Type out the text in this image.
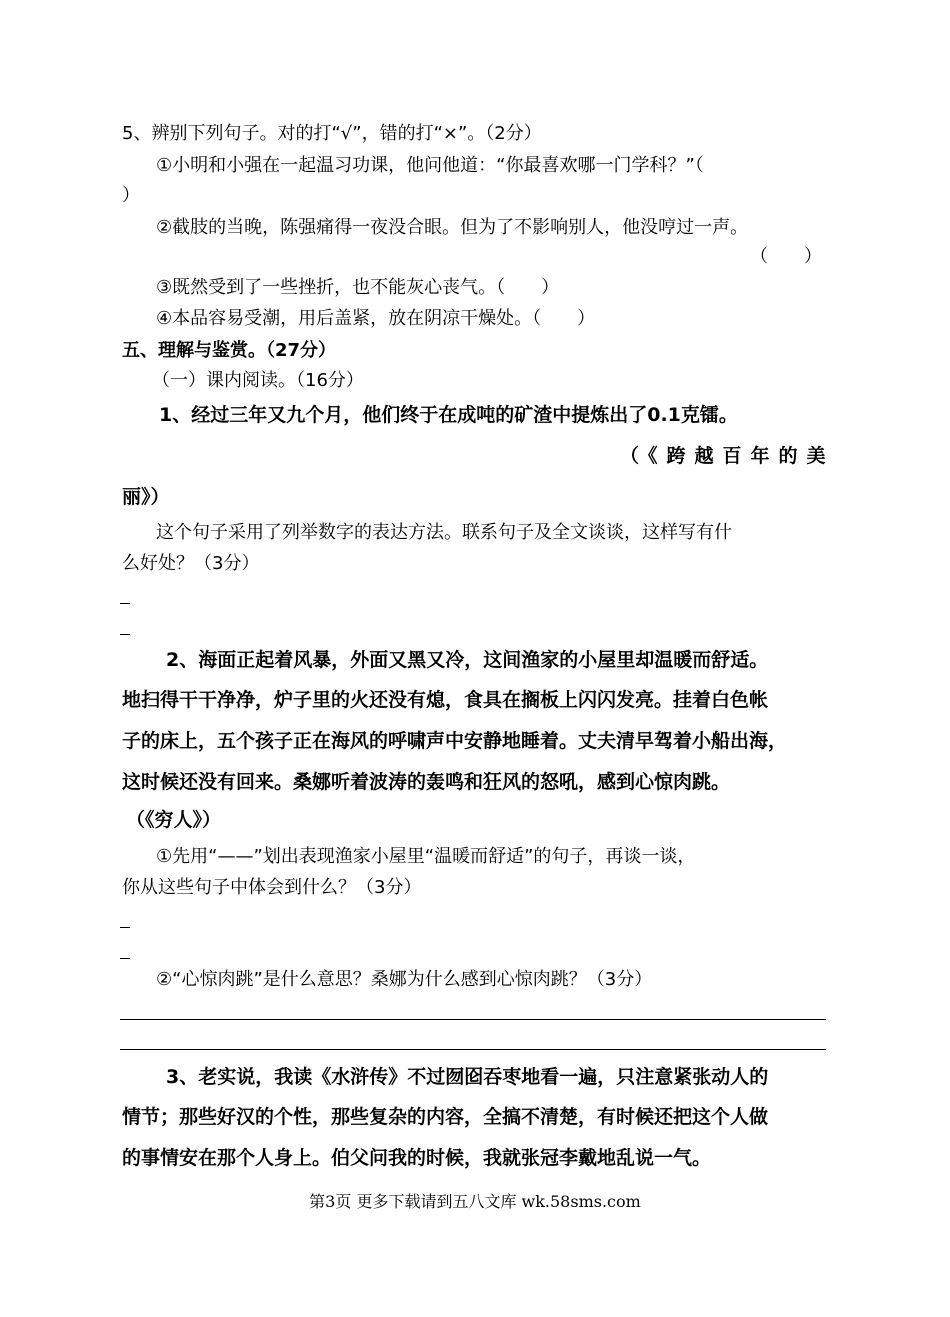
5、辨别下列句子。对的打“√”，错的打“×”。（2分）
①小明和小强在一起温习功课，他问他道：“你最喜欢哪一门学科？”（
）
②截肢的当晚，陈强痛得一夜没合眼。但为了不影响别人，他没哼过一声。
（　　）
③既然受到了一些挫折，也不能灰心丧气。（　　）
④本品容易受潮，用后盖紧，放在阴凉干燥处。（　　）
五、理解与鉴赏。（27分）
（一）课内阅读。（16分）
1、经过三年又九个月，他们终于在成吨的矿渣中提炼出了0.1克镭。
（《跨越百年的美
丽》）
这个句子采用了列举数字的表达方法。联系句子及全文谈谈，这样写有什
么好处？（3分）
2、海面正起着风暴，外面又黑又冷，这间渔家的小屋里却温暖而舒适。
地扫得干干净净，炉子里的火还没有熄，食具在搁板上闪闪发亮。挂着白色帐
子的床上，五个孩子正在海风的呼啸声中安静地睡着。丈夫清早驾着小船出海，
这时候还没有回来。桑娜听着波涛的轰鸣和狂风的怒吼，感到心惊肉跳。
（《穷人》）
①先用“——”划出表现渔家小屋里“温暖而舒适”的句子，再谈一谈，
你从这些句子中体会到什么？（3分）
②“心惊肉跳”是什么意思？桑娜为什么感到心惊肉跳？（3分）
3、老实说，我读《水浒传》不过囫囵吞枣地看一遍，只注意紧张动人的
情节；那些好汉的个性，那些复杂的内容，全搞不清楚，有时候还把这个人做
的事情安在那个人身上。伯父问我的时候，我就张冠李戴地乱说一气。
第3页 更多下载请到五八文库 wk.58sms.com
